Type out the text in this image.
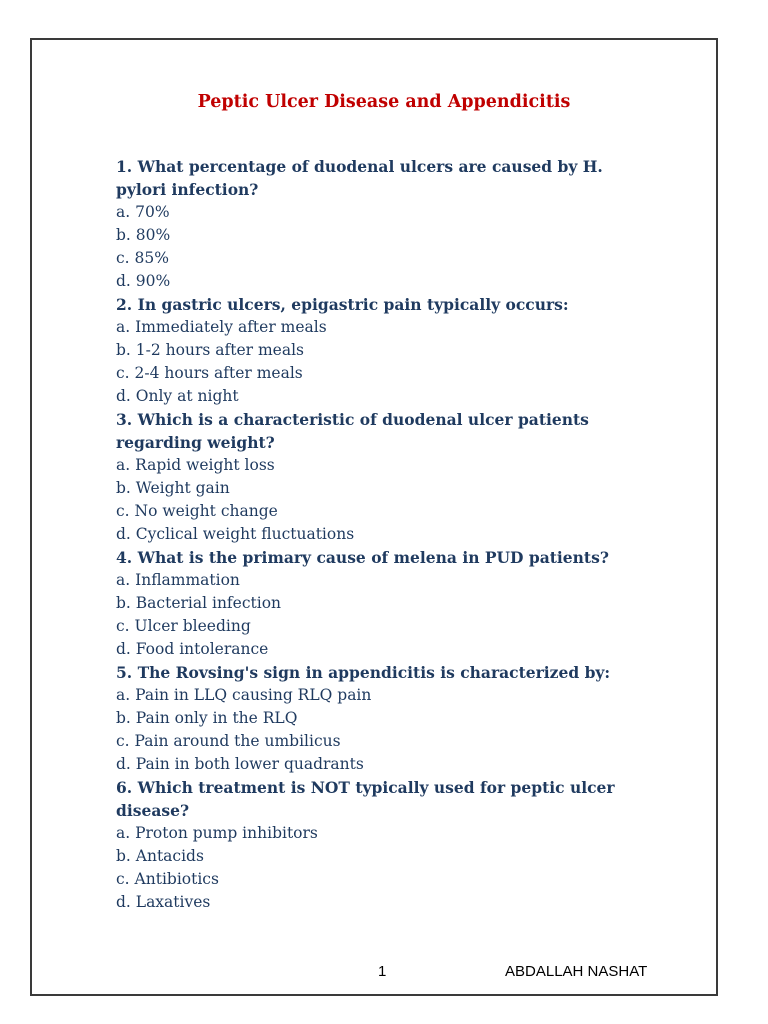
Peptic Ulcer Disease and Appendicitis

1. What percentage of duodenal ulcers are caused by H. pylori infection?

a. 70%

b. 80%

c. 85%

d. 90%

2. In gastric ulcers, epigastric pain typically occurs:

a. Immediately after meals

b. 1-2 hours after meals

c. 2-4 hours after meals

d. Only at night

3. Which is a characteristic of duodenal ulcer patients regarding weight?

a. Rapid weight loss

b. Weight gain

c. No weight change

d. Cyclical weight fluctuations

4. What is the primary cause of melena in PUD patients?

a. Inflammation

b. Bacterial infection

c. Ulcer bleeding

d. Food intolerance

5. The Rovsing's sign in appendicitis is characterized by:

a. Pain in LLQ causing RLQ pain

b. Pain only in the RLQ

c. Pain around the umbilicus

d. Pain in both lower quadrants

6. Which treatment is NOT typically used for peptic ulcer disease?

a. Proton pump inhibitors

b. Antacids

c. Antibiotics

d. Laxatives

1	ABDALLAH NASHAT
